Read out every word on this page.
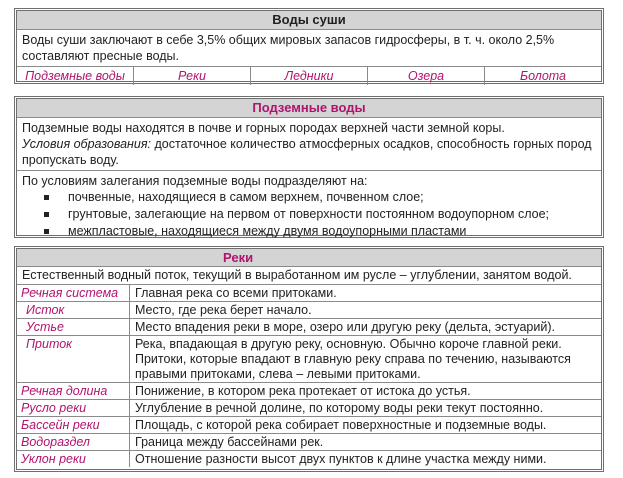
Воды суши
Воды суши заключают в себе 3,5% общих мировых запасов гидросферы, в т. ч. около 2,5% составляют пресные воды.
Подземные воды	Реки	Ледники	Озера	Болота
Подземные воды
Подземные воды находятся в почве и горных породах верхней части земной коры.
Условия образования: достаточное количество атмосферных осадков, способность горных пород пропускать воду.
По условиям залегания подземные воды подразделяют на:
почвенные, находящиеся в самом верхнем, почвенном слое;
грунтовые, залегающие на первом от поверхности постоянном водоупорном слое;
межпластовые, находящиеся между двумя водоупорными пластами
Реки
Естественный водный поток, текущий в выработанном им русле – углублении, занятом водой.
Речная система	Главная река со всеми притоками.
Исток	Место, где река берет начало.
Устье	Место впадения реки в море, озеро или другую реку (дельта, эстуарий).
Приток	Река, впадающая в другую реку, основную. Обычно короче главной реки. Притоки, которые впадают в главную реку справа по течению, называются правыми притоками, слева – левыми притоками.
Речная долина	Понижение, в котором река протекает от истока до устья.
Русло реки	Углубление в речной долине, по которому воды реки текут постоянно.
Бассейн реки	Площадь, с которой река собирает поверхностные и подземные воды.
Водораздел	Граница между бассейнами рек.
Уклон реки	Отношение разности высот двух пунктов к длине участка между ними.
